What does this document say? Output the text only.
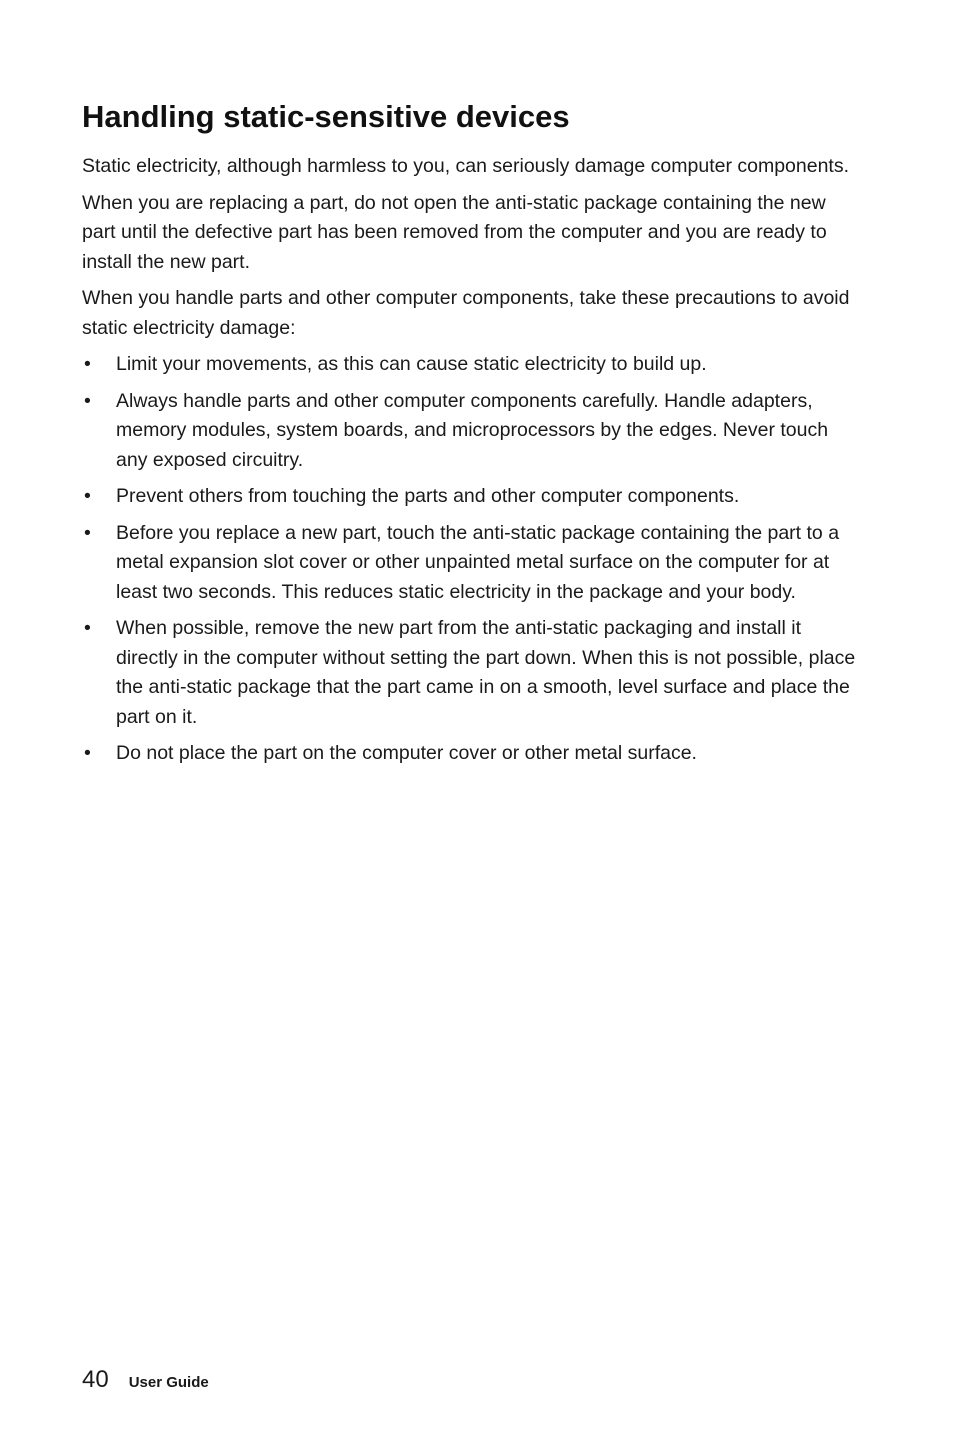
Handling static-sensitive devices

Static electricity, although harmless to you, can seriously damage computer components.

When you are replacing a part, do not open the anti-static package containing the new part until the defective part has been removed from the computer and you are ready to install the new part.

When you handle parts and other computer components, take these precautions to avoid static electricity damage:

• Limit your movements, as this can cause static electricity to build up.
• Always handle parts and other computer components carefully. Handle adapters, memory modules, system boards, and microprocessors by the edges. Never touch any exposed circuitry.
• Prevent others from touching the parts and other computer components.
• Before you replace a new part, touch the anti-static package containing the part to a metal expansion slot cover or other unpainted metal surface on the computer for at least two seconds. This reduces static electricity in the package and your body.
• When possible, remove the new part from the anti-static packaging and install it directly in the computer without setting the part down. When this is not possible, place the anti-static package that the part came in on a smooth, level surface and place the part on it.
• Do not place the part on the computer cover or other metal surface.
40 User Guide
